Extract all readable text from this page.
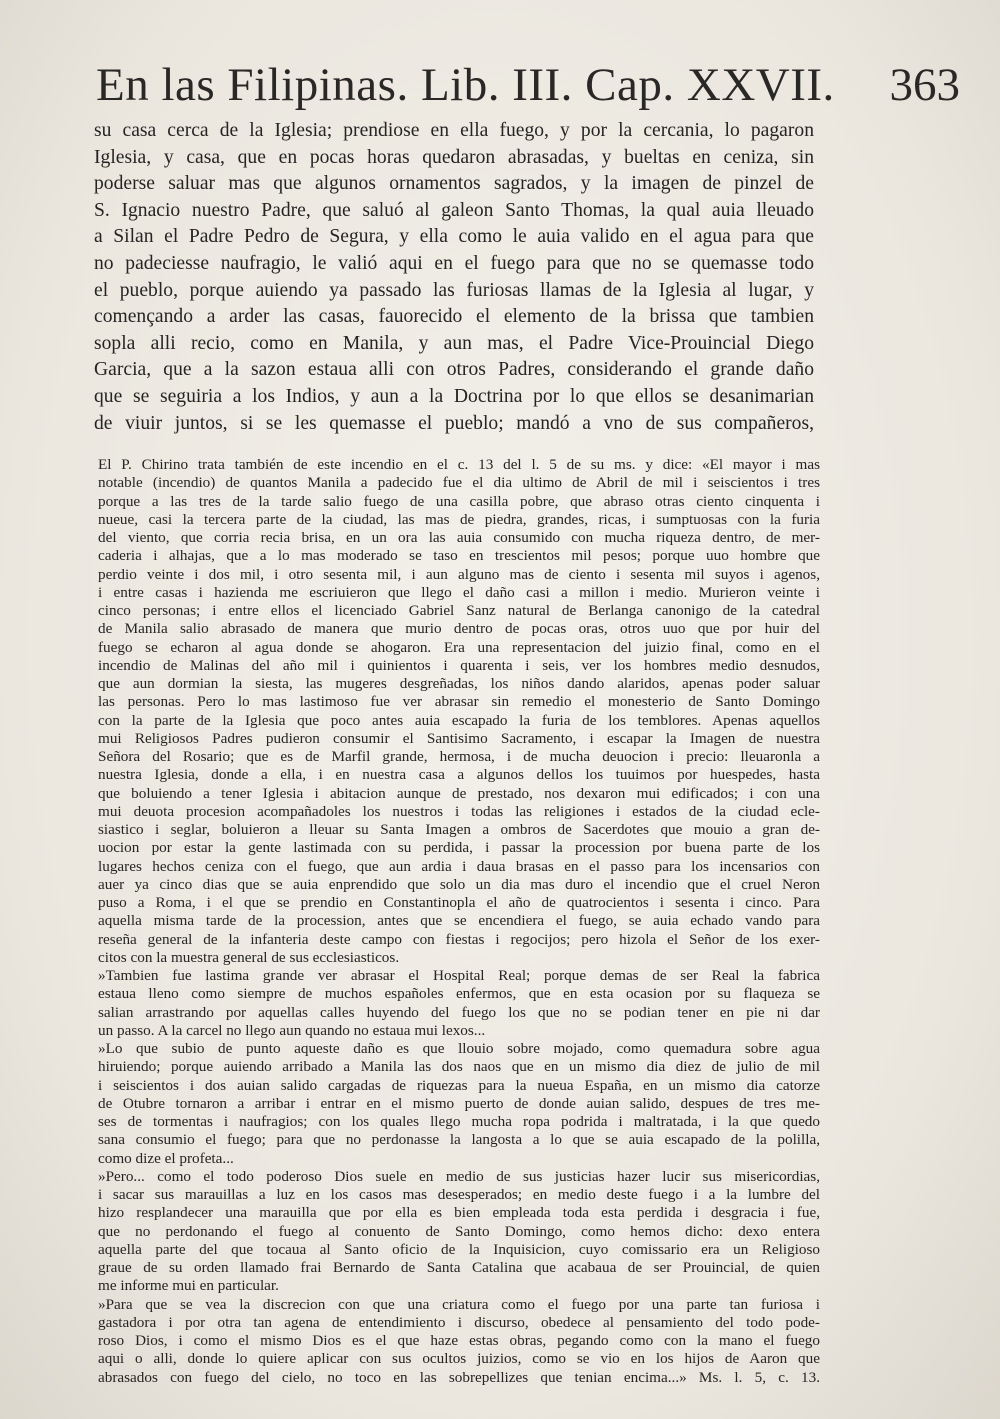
En las Filipinas. Lib. III. Cap. XXVII. 363
su casa cerca de la Iglesia; prendiose en ella fuego, y por la cercania, lo pagaron
Iglesia, y casa, que en pocas horas quedaron abrasadas, y bueltas en ceniza, sin
poderse saluar mas que algunos ornamentos sagrados, y la imagen de pinzel de
S. Ignacio nuestro Padre, que saluó al galeon Santo Thomas, la qual auia lleuado
a Silan el Padre Pedro de Segura, y ella como le auia valido en el agua para que
no padeciesse naufragio, le valió aqui en el fuego para que no se quemasse todo
el pueblo, porque auiendo ya passado las furiosas llamas de la Iglesia al lugar, y
començando a arder las casas, fauorecido el elemento de la brissa que tambien
sopla alli recio, como en Manila, y aun mas, el Padre Vice-Prouincial Diego
Garcia, que a la sazon estaua alli con otros Padres, considerando el grande daño
que se seguiria a los Indios, y aun a la Doctrina por lo que ellos se desanimarian
de viuir juntos, si se les quemasse el pueblo; mandó a vno de sus compañeros,
El P. Chirino trata también de este incendio en el c. 13 del l. 5 de su ms. y dice: «El mayor i mas
notable (incendio) de quantos Manila a padecido fue el dia ultimo de Abril de mil i seiscientos i tres
porque a las tres de la tarde salio fuego de una casilla pobre, que abraso otras ciento cinquenta i
nueue, casi la tercera parte de la ciudad, las mas de piedra, grandes, ricas, i sumptuosas con la furia
del viento, que corria recia brisa, en un ora las auia consumido con mucha riqueza dentro, de mer-
caderia i alhajas, que a lo mas moderado se taso en trescientos mil pesos; porque uuo hombre que
perdio veinte i dos mil, i otro sesenta mil, i aun alguno mas de ciento i sesenta mil suyos i agenos,
i entre casas i hazienda me escriuieron que llego el daño casi a millon i medio. Murieron veinte i
cinco personas; i entre ellos el licenciado Gabriel Sanz natural de Berlanga canonigo de la catedral
de Manila salio abrasado de manera que murio dentro de pocas oras, otros uuo que por huir del
fuego se echaron al agua donde se ahogaron. Era una representacion del juizio final, como en el
incendio de Malinas del año mil i quinientos i quarenta i seis, ver los hombres medio desnudos,
que aun dormian la siesta, las mugeres desgreñadas, los niños dando alaridos, apenas poder saluar
las personas. Pero lo mas lastimoso fue ver abrasar sin remedio el monesterio de Santo Domingo
con la parte de la Iglesia que poco antes auia escapado la furia de los temblores. Apenas aquellos
mui Religiosos Padres pudieron consumir el Santisimo Sacramento, i escapar la Imagen de nuestra
Señora del Rosario; que es de Marfil grande, hermosa, i de mucha deuocion i precio: lleuaronla a
nuestra Iglesia, donde a ella, i en nuestra casa a algunos dellos los tuuimos por huespedes, hasta
que boluiendo a tener Iglesia i abitacion aunque de prestado, nos dexaron mui edificados; i con una
mui deuota procesion acompañadoles los nuestros i todas las religiones i estados de la ciudad ecle-
siastico i seglar, boluieron a lleuar su Santa Imagen a ombros de Sacerdotes que mouio a gran de-
uocion por estar la gente lastimada con su perdida, i passar la procession por buena parte de los
lugares hechos ceniza con el fuego, que aun ardia i daua brasas en el passo para los incensarios con
auer ya cinco dias que se auia enprendido que solo un dia mas duro el incendio que el cruel Neron
puso a Roma, i el que se prendio en Constantinopla el año de quatrocientos i sesenta i cinco. Para
aquella misma tarde de la procession, antes que se encendiera el fuego, se auia echado vando para
reseña general de la infanteria deste campo con fiestas i regocijos; pero hizola el Señor de los exer-
citos con la muestra general de sus ecclesiasticos.
»Tambien fue lastima grande ver abrasar el Hospital Real; porque demas de ser Real la fabrica
estaua lleno como siempre de muchos españoles enfermos, que en esta ocasion por su flaqueza se
salian arrastrando por aquellas calles huyendo del fuego los que no se podian tener en pie ni dar
un passo. A la carcel no llego aun quando no estaua mui lexos...
»Lo que subio de punto aqueste daño es que llouio sobre mojado, como quemadura sobre agua
hiruiendo; porque auiendo arribado a Manila las dos naos que en un mismo dia diez de julio de mil
i seiscientos i dos auian salido cargadas de riquezas para la nueua España, en un mismo dia catorze
de Otubre tornaron a arribar i entrar en el mismo puerto de donde auian salido, despues de tres me-
ses de tormentas i naufragios; con los quales llego mucha ropa podrida i maltratada, i la que quedo
sana consumio el fuego; para que no perdonasse la langosta a lo que se auia escapado de la polilla,
como dize el profeta...
»Pero... como el todo poderoso Dios suele en medio de sus justicias hazer lucir sus misericordias,
i sacar sus marauillas a luz en los casos mas desesperados; en medio deste fuego i a la lumbre del
hizo resplandecer una marauilla que por ella es bien empleada toda esta perdida i desgracia i fue,
que no perdonando el fuego al conuento de Santo Domingo, como hemos dicho: dexo entera
aquella parte del que tocaua al Santo oficio de la Inquisicion, cuyo comissario era un Religioso
graue de su orden llamado frai Bernardo de Santa Catalina que acabaua de ser Prouincial, de quien
me informe mui en particular.
»Para que se vea la discrecion con que una criatura como el fuego por una parte tan furiosa i
gastadora i por otra tan agena de entendimiento i discurso, obedece al pensamiento del todo pode-
roso Dios, i como el mismo Dios es el que haze estas obras, pegando como con la mano el fuego
aqui o alli, donde lo quiere aplicar con sus ocultos juizios, como se vio en los hijos de Aaron que
abrasados con fuego del cielo, no toco en las sobrepellizes que tenian encima...» Ms. l. 5, c. 13.
